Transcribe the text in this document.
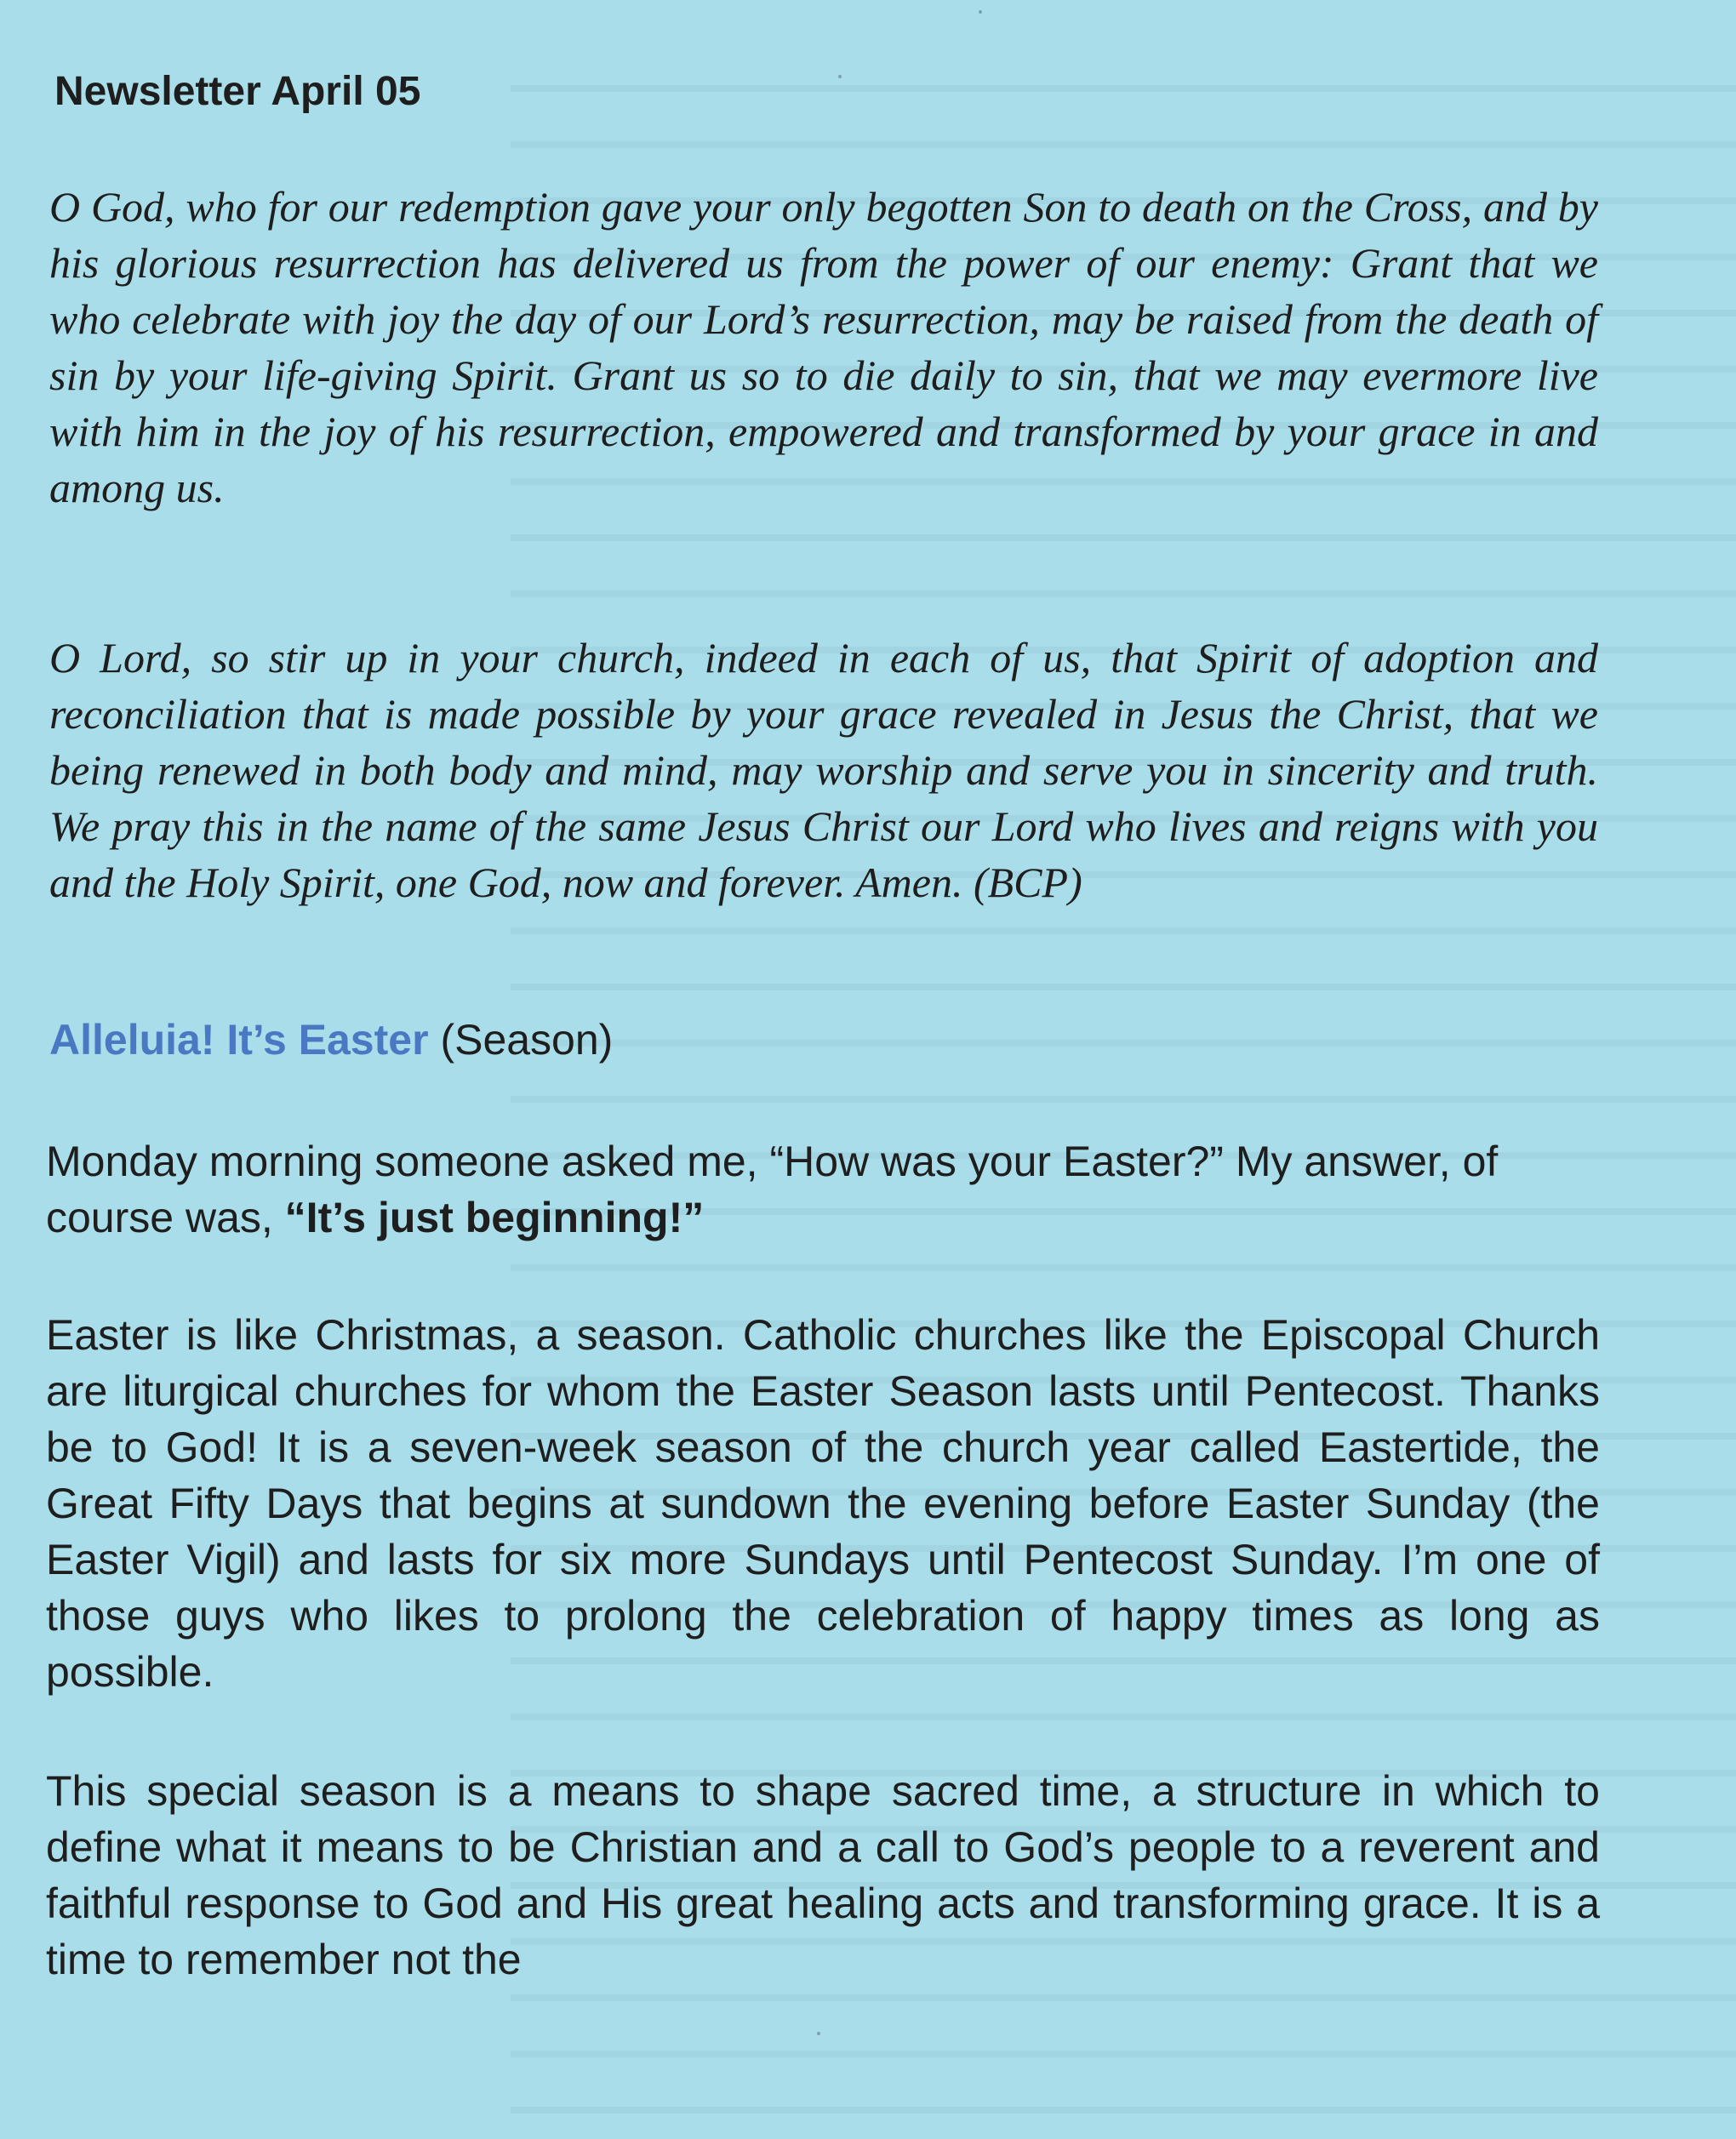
Newsletter April 05

O God, who for our redemption gave your only begotten Son to death on the Cross, and by his glorious resurrection has delivered us from the power of our enemy: Grant that we who celebrate with joy the day of our Lord’s resurrection, may be raised from the death of sin by your life-giving Spirit. Grant us so to die daily to sin, that we may evermore live with him in the joy of his resurrection, empowered and transformed by your grace in and among us.

O Lord, so stir up in your church, indeed in each of us, that Spirit of adoption and reconciliation that is made possible by your grace revealed in Jesus the Christ, that we being renewed in both body and mind, may worship and serve you in sincerity and truth. We pray this in the name of the same Jesus Christ our Lord who lives and reigns with you and the Holy Spirit, one God, now and forever. Amen. (BCP)

Alleluia! It’s Easter (Season)

Monday morning someone asked me, “How was your Easter?” My answer, of course was, “It’s just beginning!”

Easter is like Christmas, a season. Catholic churches like the Episcopal Church are liturgical churches for whom the Easter Season lasts until Pentecost. Thanks be to God! It is a seven-week season of the church year called Eastertide, the Great Fifty Days that begins at sundown the evening before Easter Sunday (the Easter Vigil) and lasts for six more Sundays until Pentecost Sunday. I’m one of those guys who likes to prolong the celebration of happy times as long as possible.

This special season is a means to shape sacred time, a structure in which to define what it means to be Christian and a call to God’s people to a reverent and faithful response to God and His great healing acts and transforming grace. It is a time to remember not the
